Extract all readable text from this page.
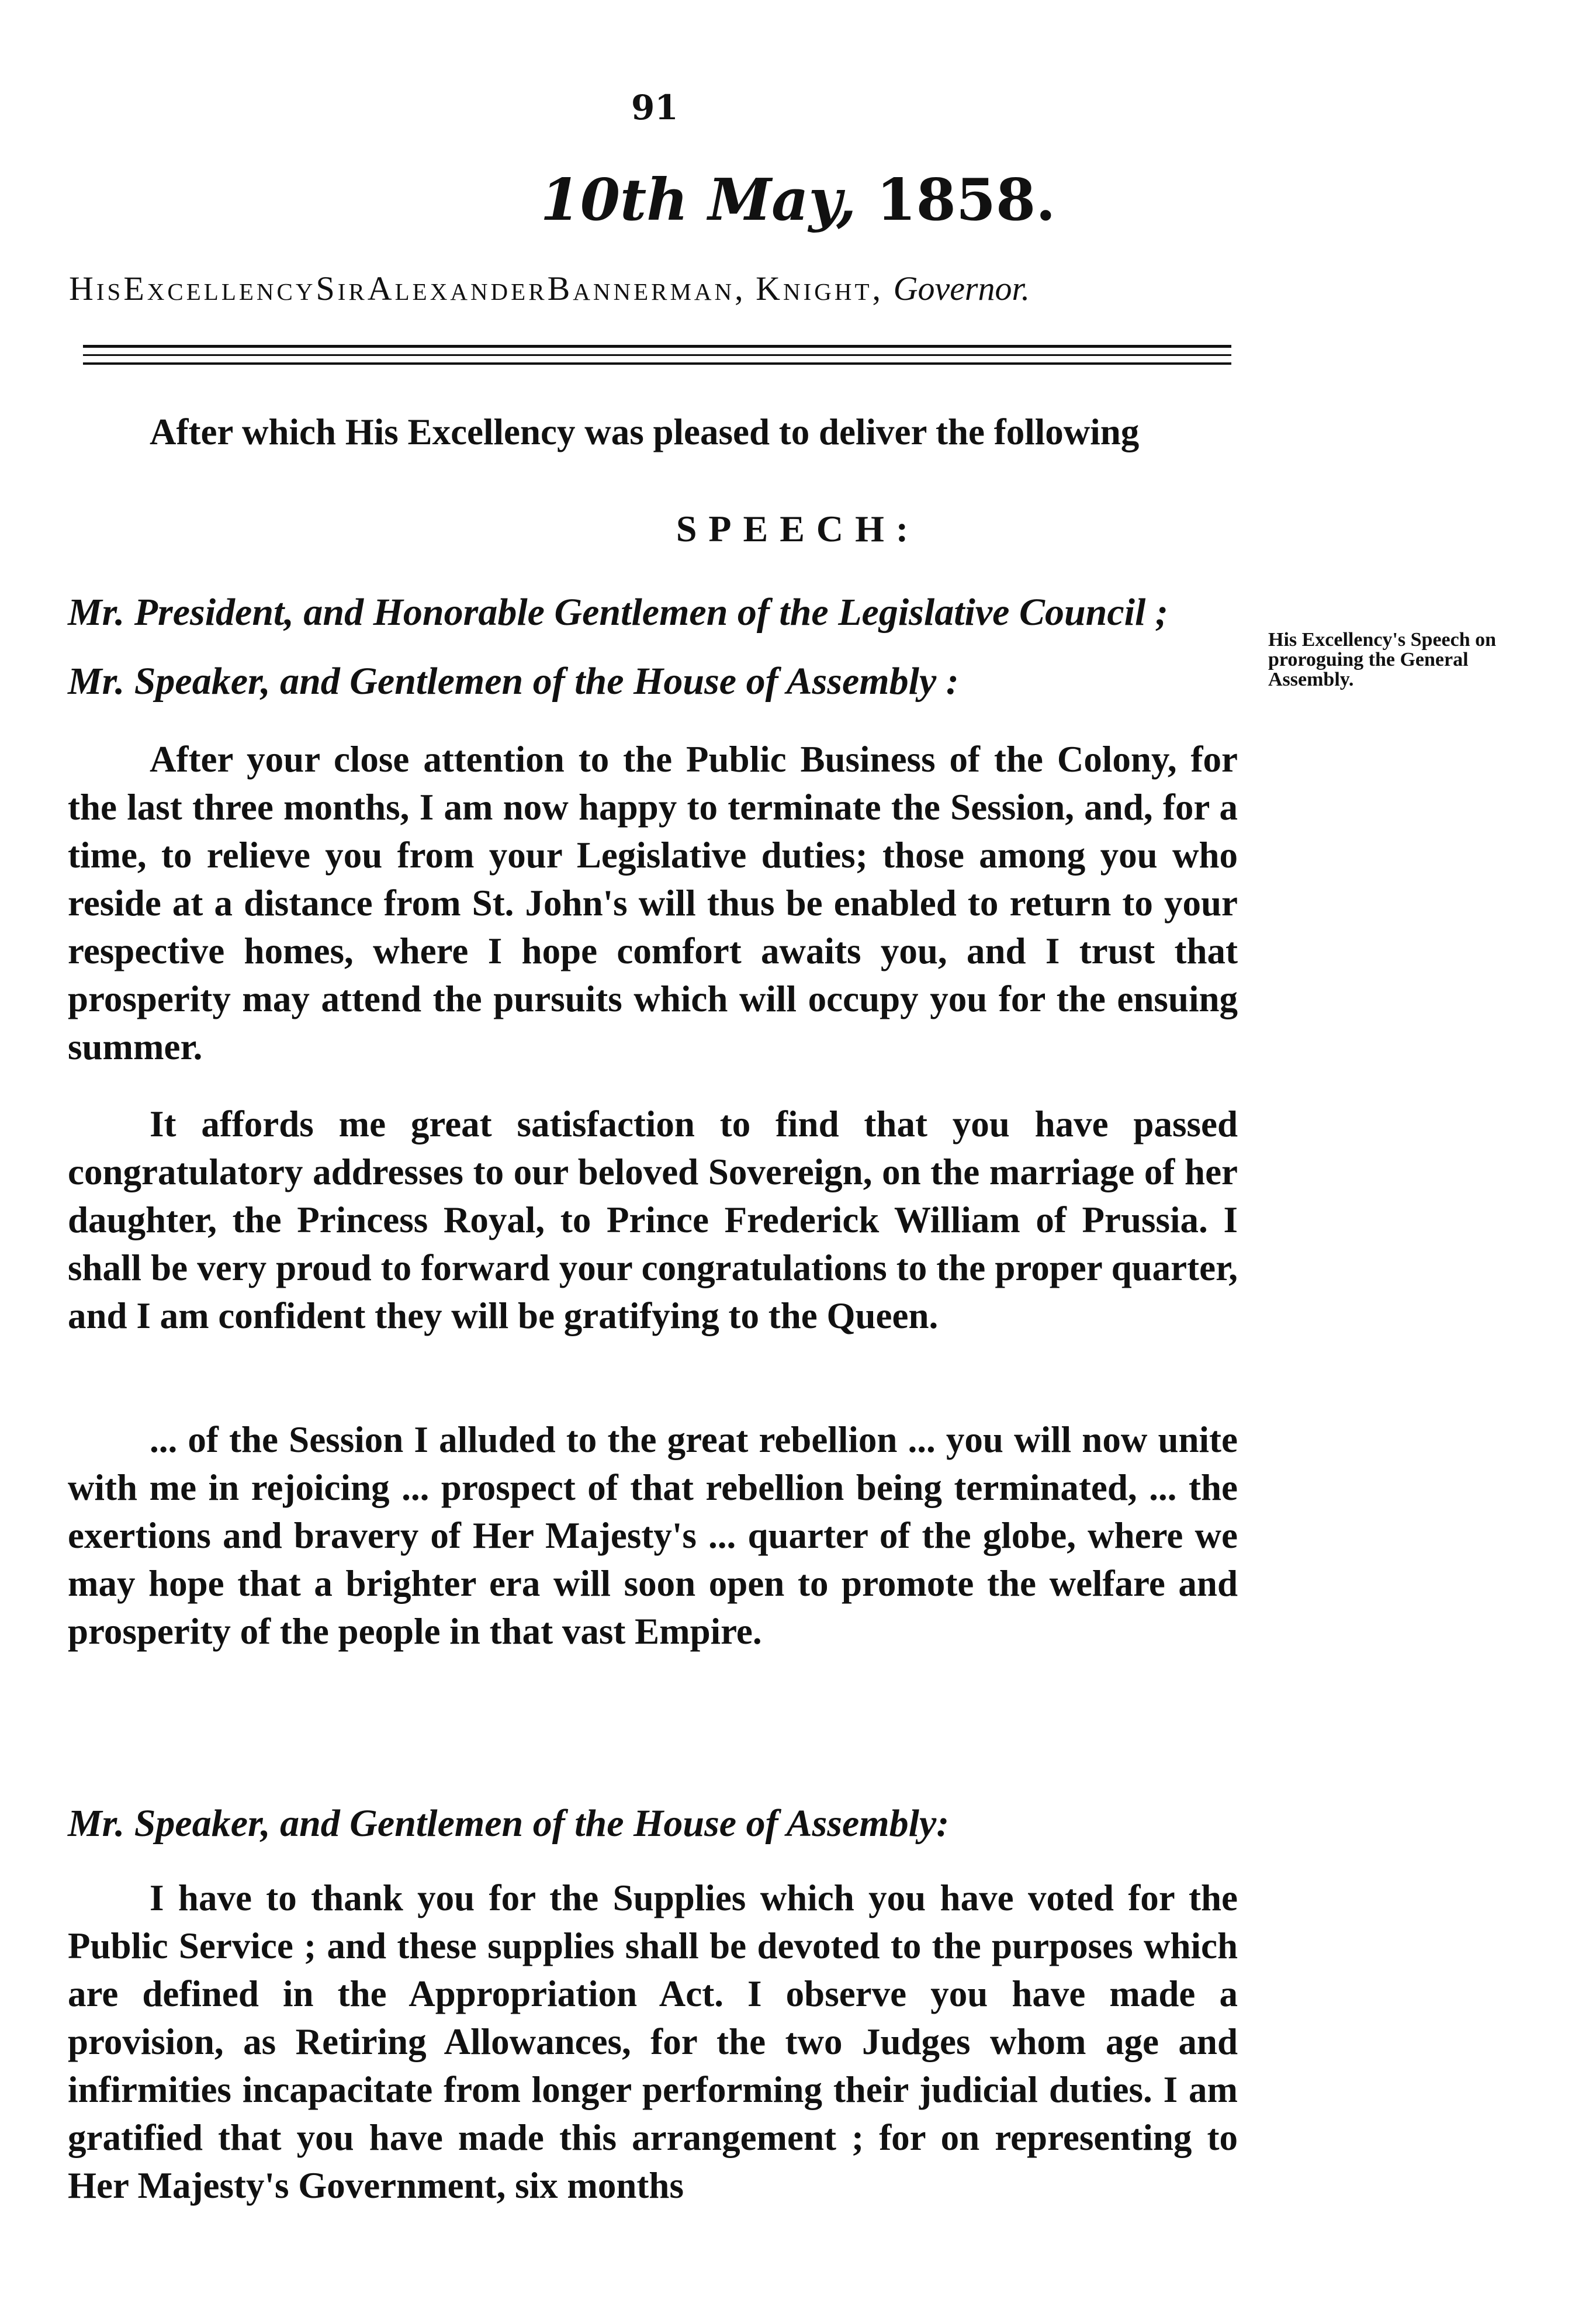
91
10th May, 1858.
HisExcellencySirAlexanderBannerman, Knight, Governor.
After which His Excellency was pleased to deliver the following
SPEECH:
Mr. President, and Honorable Gentlemen of the Legislative Council ;
Mr. Speaker, and Gentlemen of the House of Assembly :
His Excellency's Speech on proroguing the General Assembly.
After your close attention to the Public Business of the Colony, for the last three months, I am now happy to terminate the Session, and, for a time, to relieve you from your Legislative duties; those among you who reside at a distance from St. John's will thus be enabled to return to your respective homes, where I hope comfort awaits you, and I trust that prosperity may attend the pursuits which will occupy you for the ensuing summer.
It affords me great satisfaction to find that you have passed congratulatory addresses to our beloved Sovereign, on the marriage of her daughter, the Princess Royal, to Prince Frederick William of Prussia. I shall be very proud to forward your congratulations to the proper quarter, and I am confident they will be gratifying to the Queen.
... of the Session I alluded to the great rebellion ... you will now unite with me in rejoicing ... prospect of that rebellion being terminated, ... the exertions and bravery of Her Majesty's ... quarter of the globe, where we may hope that a brighter era will soon open to promote the welfare and prosperity of the people in that vast Empire.
Mr. Speaker, and Gentlemen of the House of Assembly:
I have to thank you for the Supplies which you have voted for the Public Service ; and these supplies shall be devoted to the purposes which are defined in the Appropriation Act. I observe you have made a provision, as Retiring Allowances, for the two Judges whom age and infirmities incapacitate from longer performing their judicial duties. I am gratified that you have made this arrangement ; for on representing to Her Majesty's Government, six months
